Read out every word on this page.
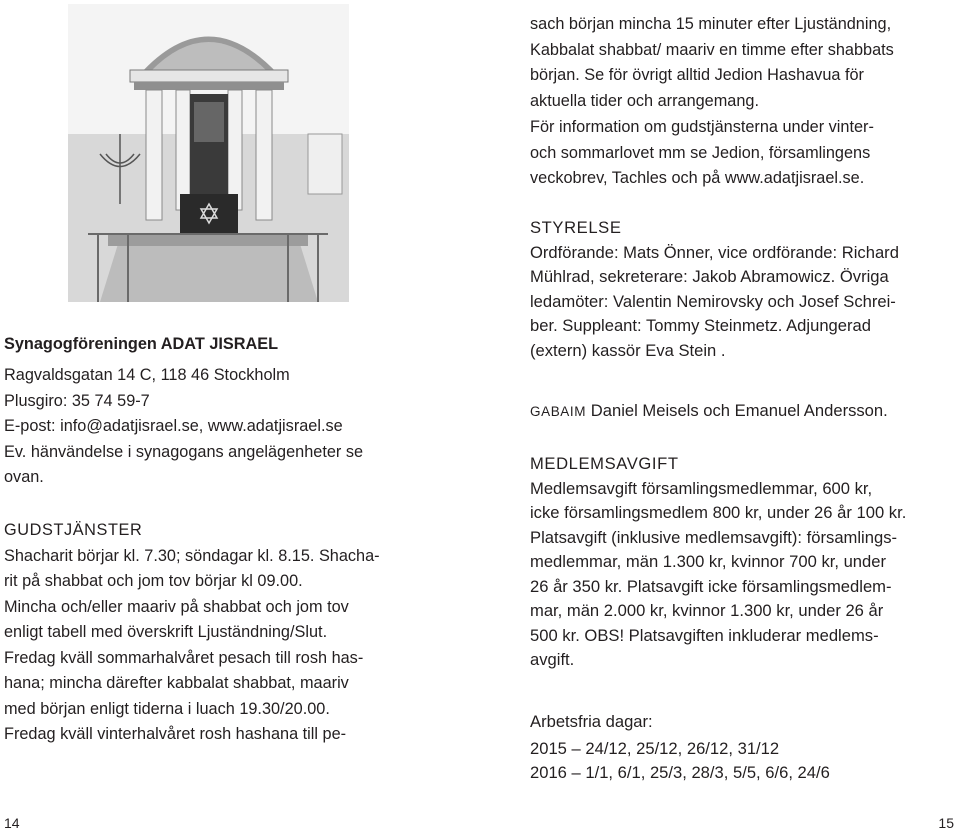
Synagogföreningen ADAT JISRAEL
Ragvaldsgatan 14 C, 118 46 Stockholm
Plusgiro: 35 74 59-7
E-post: info@adatjisrael.se, www.adatjisrael.se
Ev. hänvändelse i synagogans angelägenheter se
ovan.
GUDSTJÄNSTER
Shacharit börjar kl. 7.30; söndagar kl. 8.15. Shacha-
rit på shabbat och jom tov börjar kl 09.00.
Mincha och/eller maariv på shabbat och jom tov
enligt tabell med överskrift Ljuständning/Slut.
Fredag kväll sommarhalvåret pesach till rosh has-
hana; mincha därefter kabbalat shabbat, maariv
med början enligt tiderna i luach 19.30/20.00.
Fredag kväll vinterhalvåret rosh hashana till pe-
sach början mincha 15 minuter efter Ljuständning,
Kabbalat shabbat/ maariv en timme efter shabbats
början. Se för övrigt alltid Jedion Hashavua för
aktuella tider och arrangemang.
För information om gudstjänsterna under vinter-
och sommarlovet mm se Jedion, församlingens
veckobrev, Tachles och på www.adatjisrael.se.
STYRELSE
Ordförande: Mats Önner, vice ordförande: Richard
Mühlrad, sekreterare: Jakob Abramowicz. Övriga
ledamöter: Valentin Nemirovsky och Josef Schrei-
ber. Suppleant: Tommy Steinmetz. Adjungerad
(extern) kassör Eva Stein .
GABAIM Daniel Meisels och Emanuel Andersson.
MEDLEMSAVGIFT
Medlemsavgift församlingsmedlemmar, 600 kr,
icke församlingsmedlem 800 kr, under 26 år 100 kr.
Platsavgift (inklusive medlemsavgift): församlings-
medlemmar, män 1.300 kr, kvinnor 700 kr, under
26 år 350 kr. Platsavgift icke församlingsmedlem-
mar, män 2.000 kr, kvinnor 1.300 kr, under 26 år
500 kr. OBS! Platsavgiften inkluderar medlems-
avgift.
Arbetsfria dagar:
2015 – 24/12, 25/12, 26/12, 31/12
2016 – 1/1, 6/1, 25/3, 28/3, 5/5, 6/6, 24/6
14	15
